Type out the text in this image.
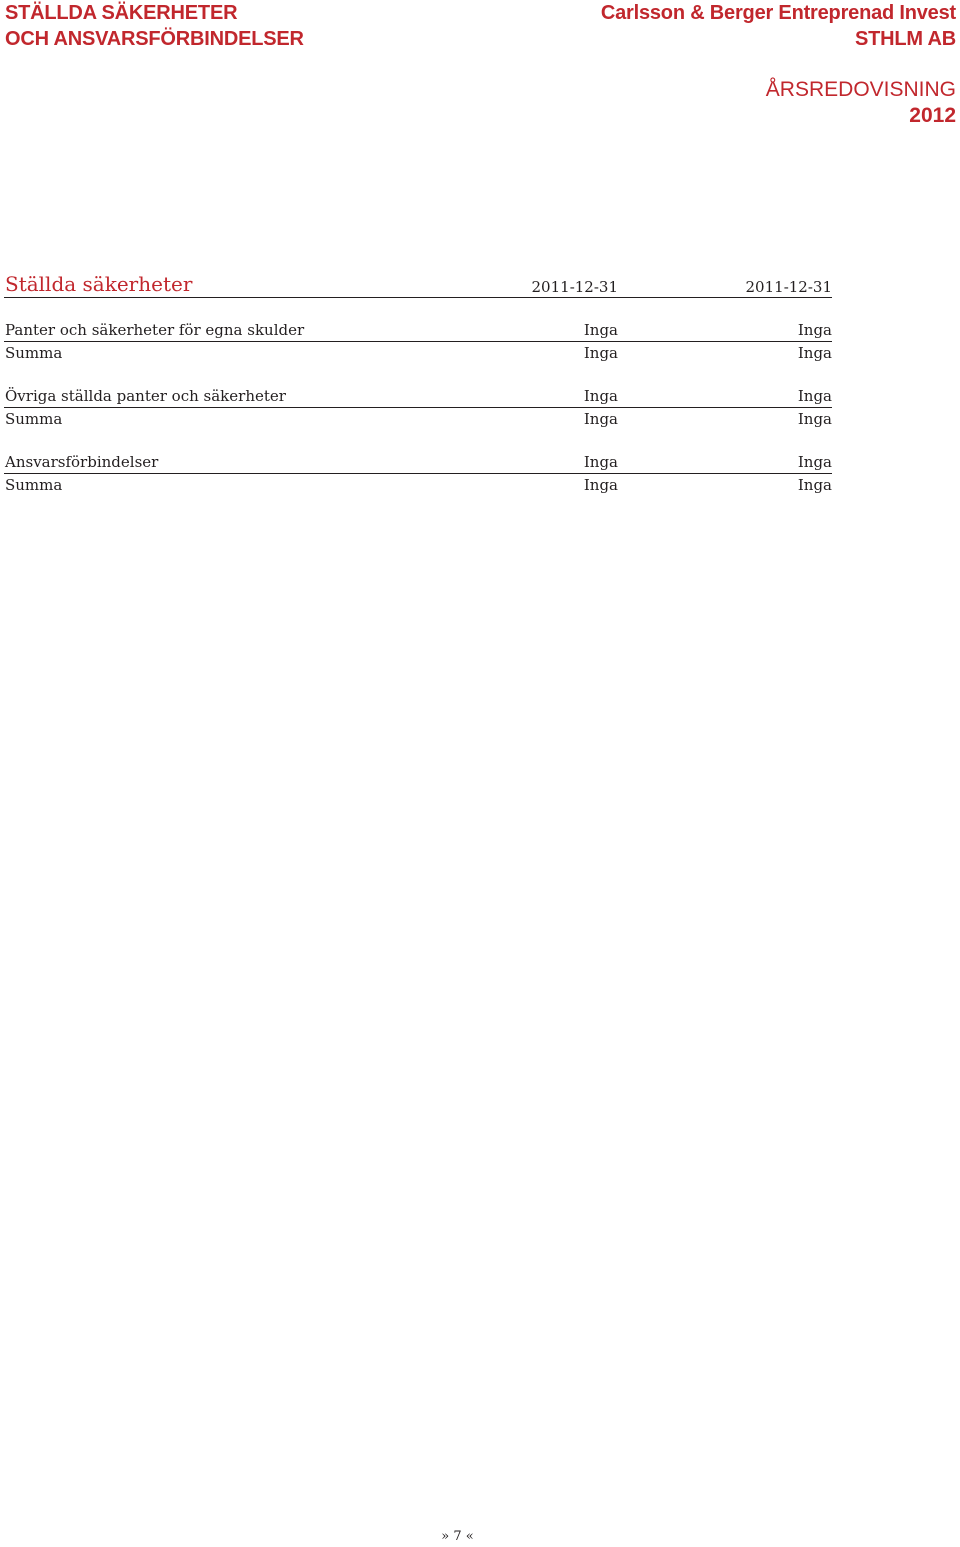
STÄLLDA SÄKERHETER
OCH ANSVARSFÖRBINDELSER
Carlsson & Berger Entreprenad Invest
STHLM AB
ÅRSREDOVISNING
2012
Ställda säkerheter	2011-12-31	2011-12-31
Panter och säkerheter för egna skulder	Inga	Inga
Summa	Inga	Inga
Övriga ställda panter och säkerheter	Inga	Inga
Summa	Inga	Inga
Ansvarsförbindelser	Inga	Inga
Summa	Inga	Inga
» 7 «
